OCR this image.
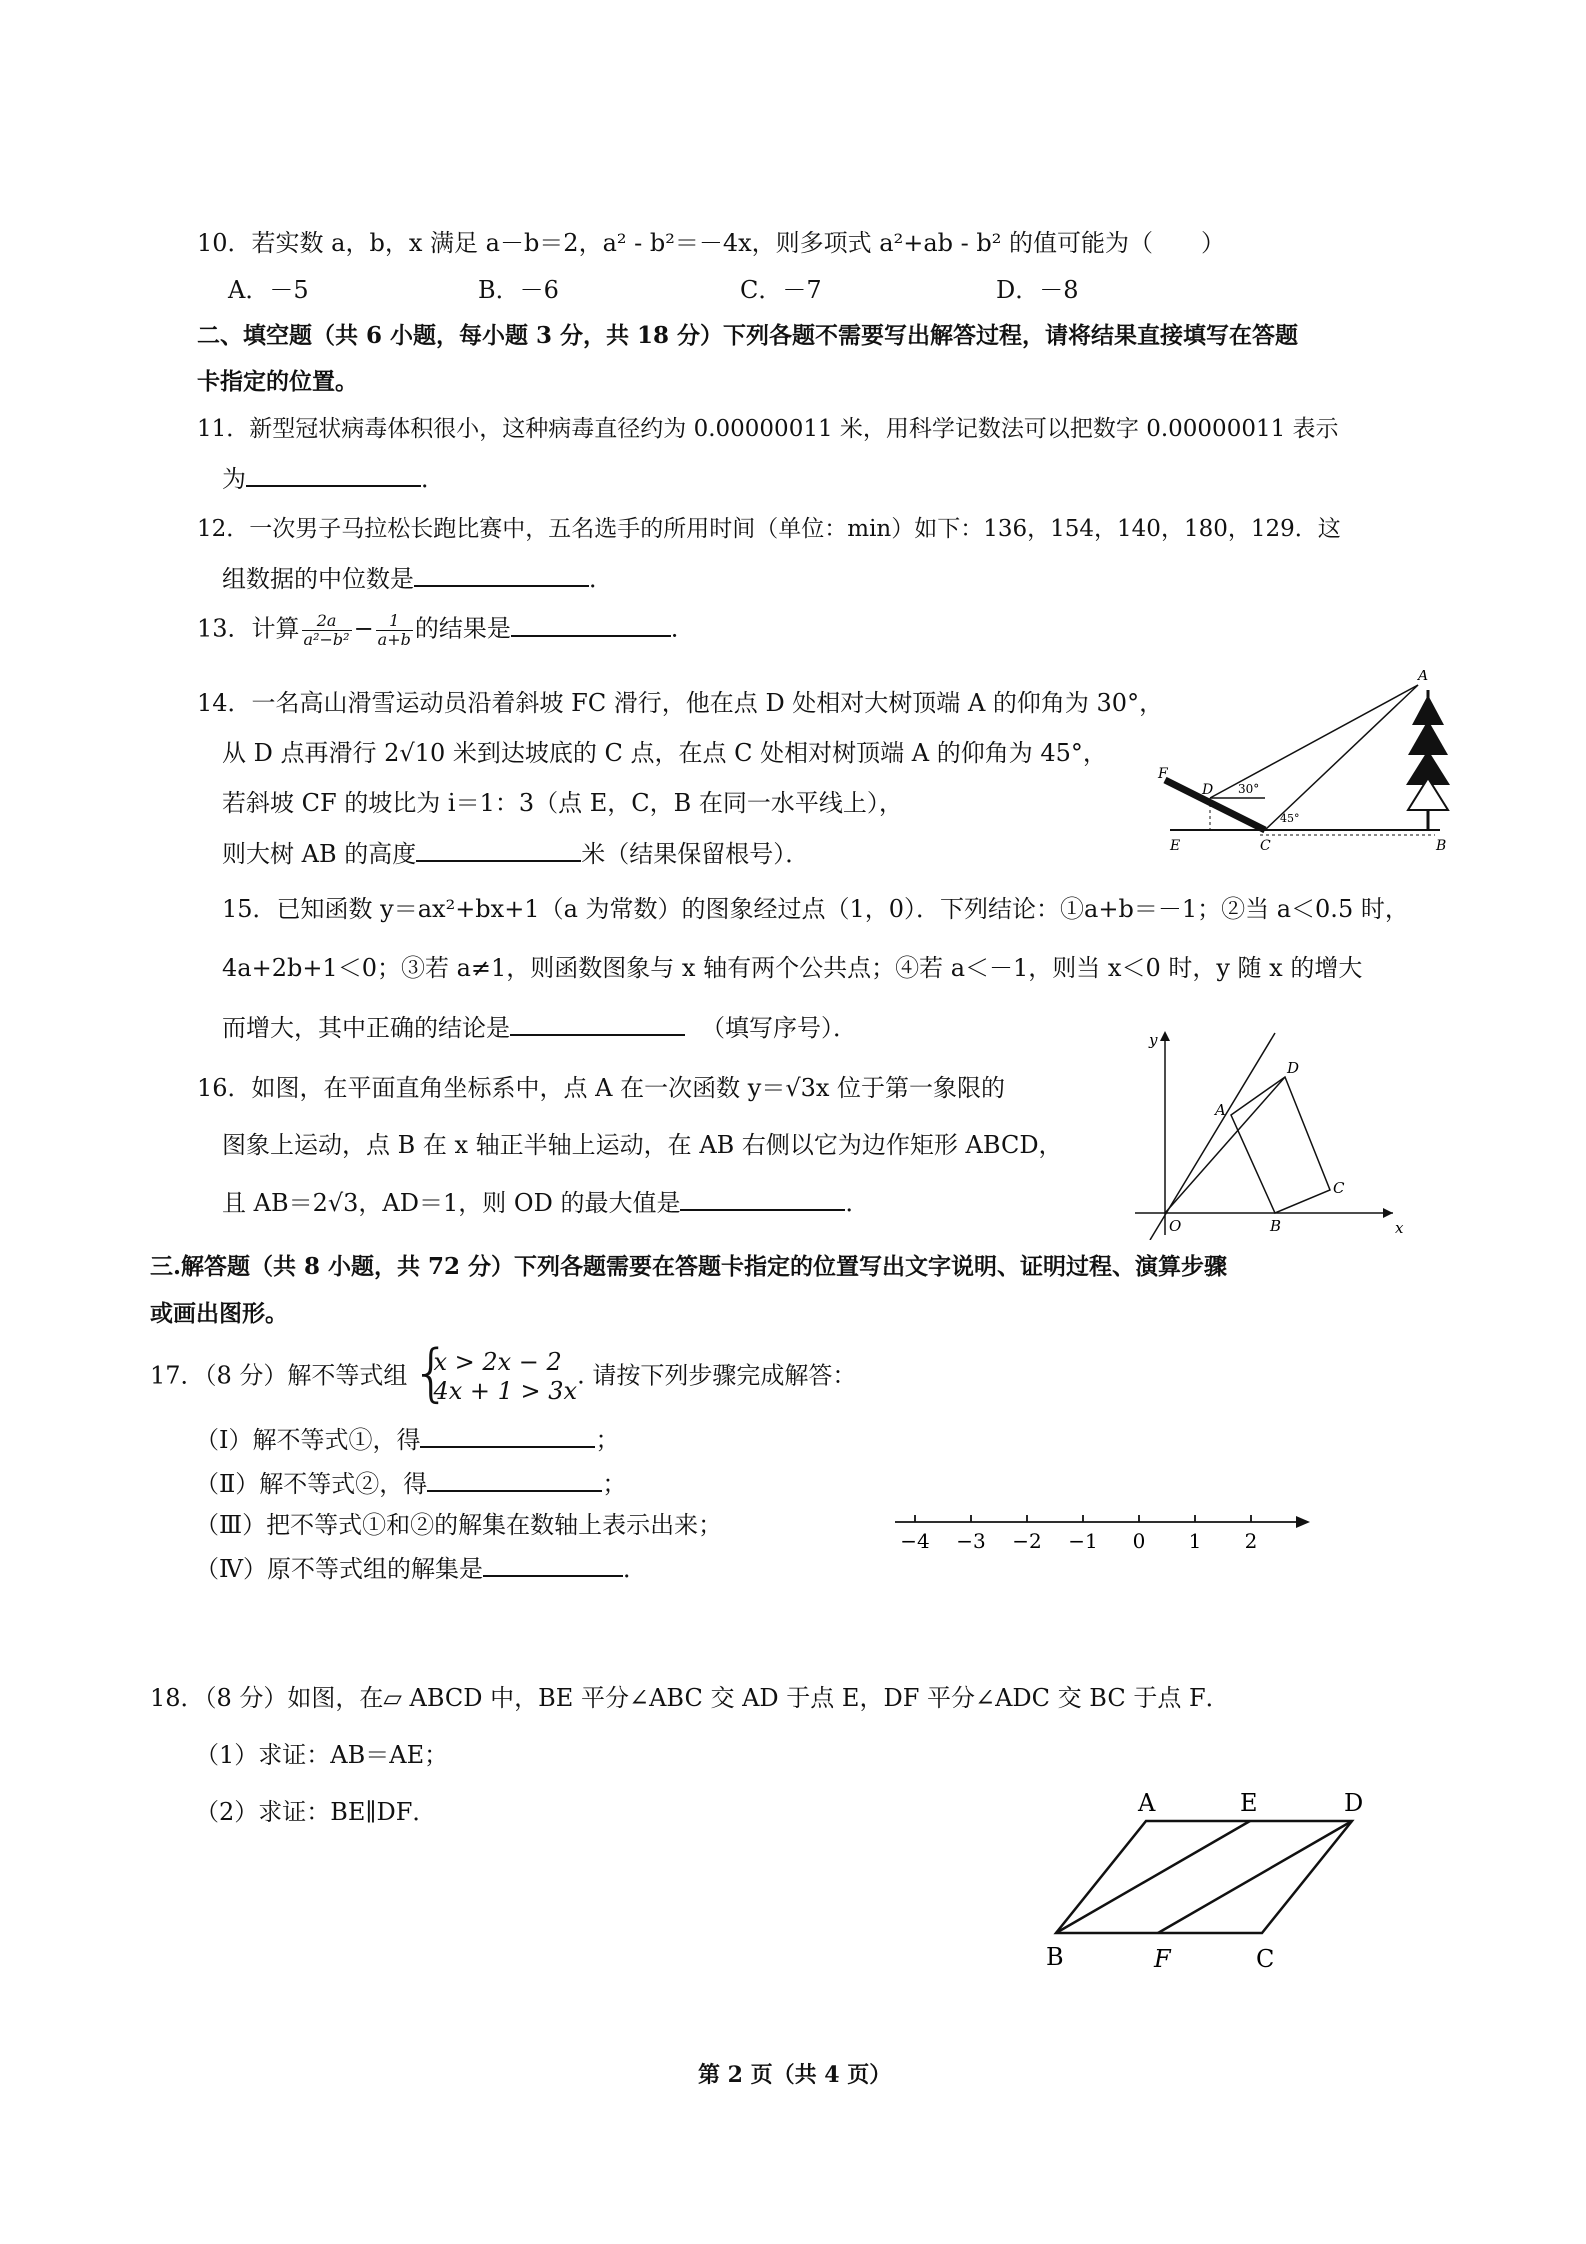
10．若实数 a，b，x 满足 a－b＝2，a² - b²＝－4x，则多项式 a²+ab - b² 的值可能为（　　）
A．－5	B．－6	C．－7	D．－8
二、填空题（共 6 小题，每小题 3 分，共 18 分）下列各题不需要写出解答过程，请将结果直接填写在答题
卡指定的位置。
11．新型冠状病毒体积很小，这种病毒直径约为 0.00000011 米，用科学记数法可以把数字 0.00000011 表示
为	．
12．一次男子马拉松长跑比赛中，五名选手的所用时间（单位：min）如下：136，154，140，180，129．这
组数据的中位数是	．
13．计算 $\frac{2a}{\text{a²−b²}} - \frac{1}{a+b}$ 的结果是	．
14．一名高山滑雪运动员沿着斜坡 FC 滑行，他在点 D 处相对大树顶端 A 的仰角为 30°，
从 D 点再滑行 2√10 米到达坡底的 C 点，在点 C 处相对树顶端 A 的仰角为 45°，
若斜坡 CF 的坡比为 i＝1：3（点 E，C，B 在同一水平线上），
则大树 AB 的高度	米（结果保留根号）．
F
D
E	C	B
A
30°
45°
15．已知函数 y＝ax²+bx+1（a 为常数）的图象经过点（1，0）．下列结论：①a+b＝－1；②当 a＜0.5 时，
4a+2b+1＜0；③若 a≠1，则函数图象与 x 轴有两个公共点；④若 a＜－1，则当 x＜0 时，y 随 x 的增大
而增大，其中正确的结论是	（填写序号）．
16．如图，在平面直角坐标系中，点 A 在一次函数 y＝√3x 位于第一象限的
图象上运动，点 B 在 x 轴正半轴上运动，在 AB 右侧以它为边作矩形 ABCD，
且 AB＝2√3，AD＝1，则 OD 的最大值是	．
y
x
O
A
B
C
D
三.解答题（共 8 小题，共 72 分）下列各题需要在答题卡指定的位置写出文字说明、证明过程、演算步骤
或画出图形。
17．（8 分）解不等式组 {
x > 2x − 2
4x + 1 > 3x
. 请按下列步骤完成解答：
（Ⅰ）解不等式①，得	；
（Ⅱ）解不等式②，得	；
（Ⅲ）把不等式①和②的解集在数轴上表示出来；
（Ⅳ）原不等式组的解集是	．
−4 −3 −2 −1 0 1 2
18．（8 分）如图，在▱ ABCD 中，BE 平分∠ABC 交 AD 于点 E，DF 平分∠ADC 交 BC 于点 F．
（1）求证：AB＝AE；
（2）求证：BE∥DF．	A	E	D
B	F	C
第 2 页（共 4 页）
